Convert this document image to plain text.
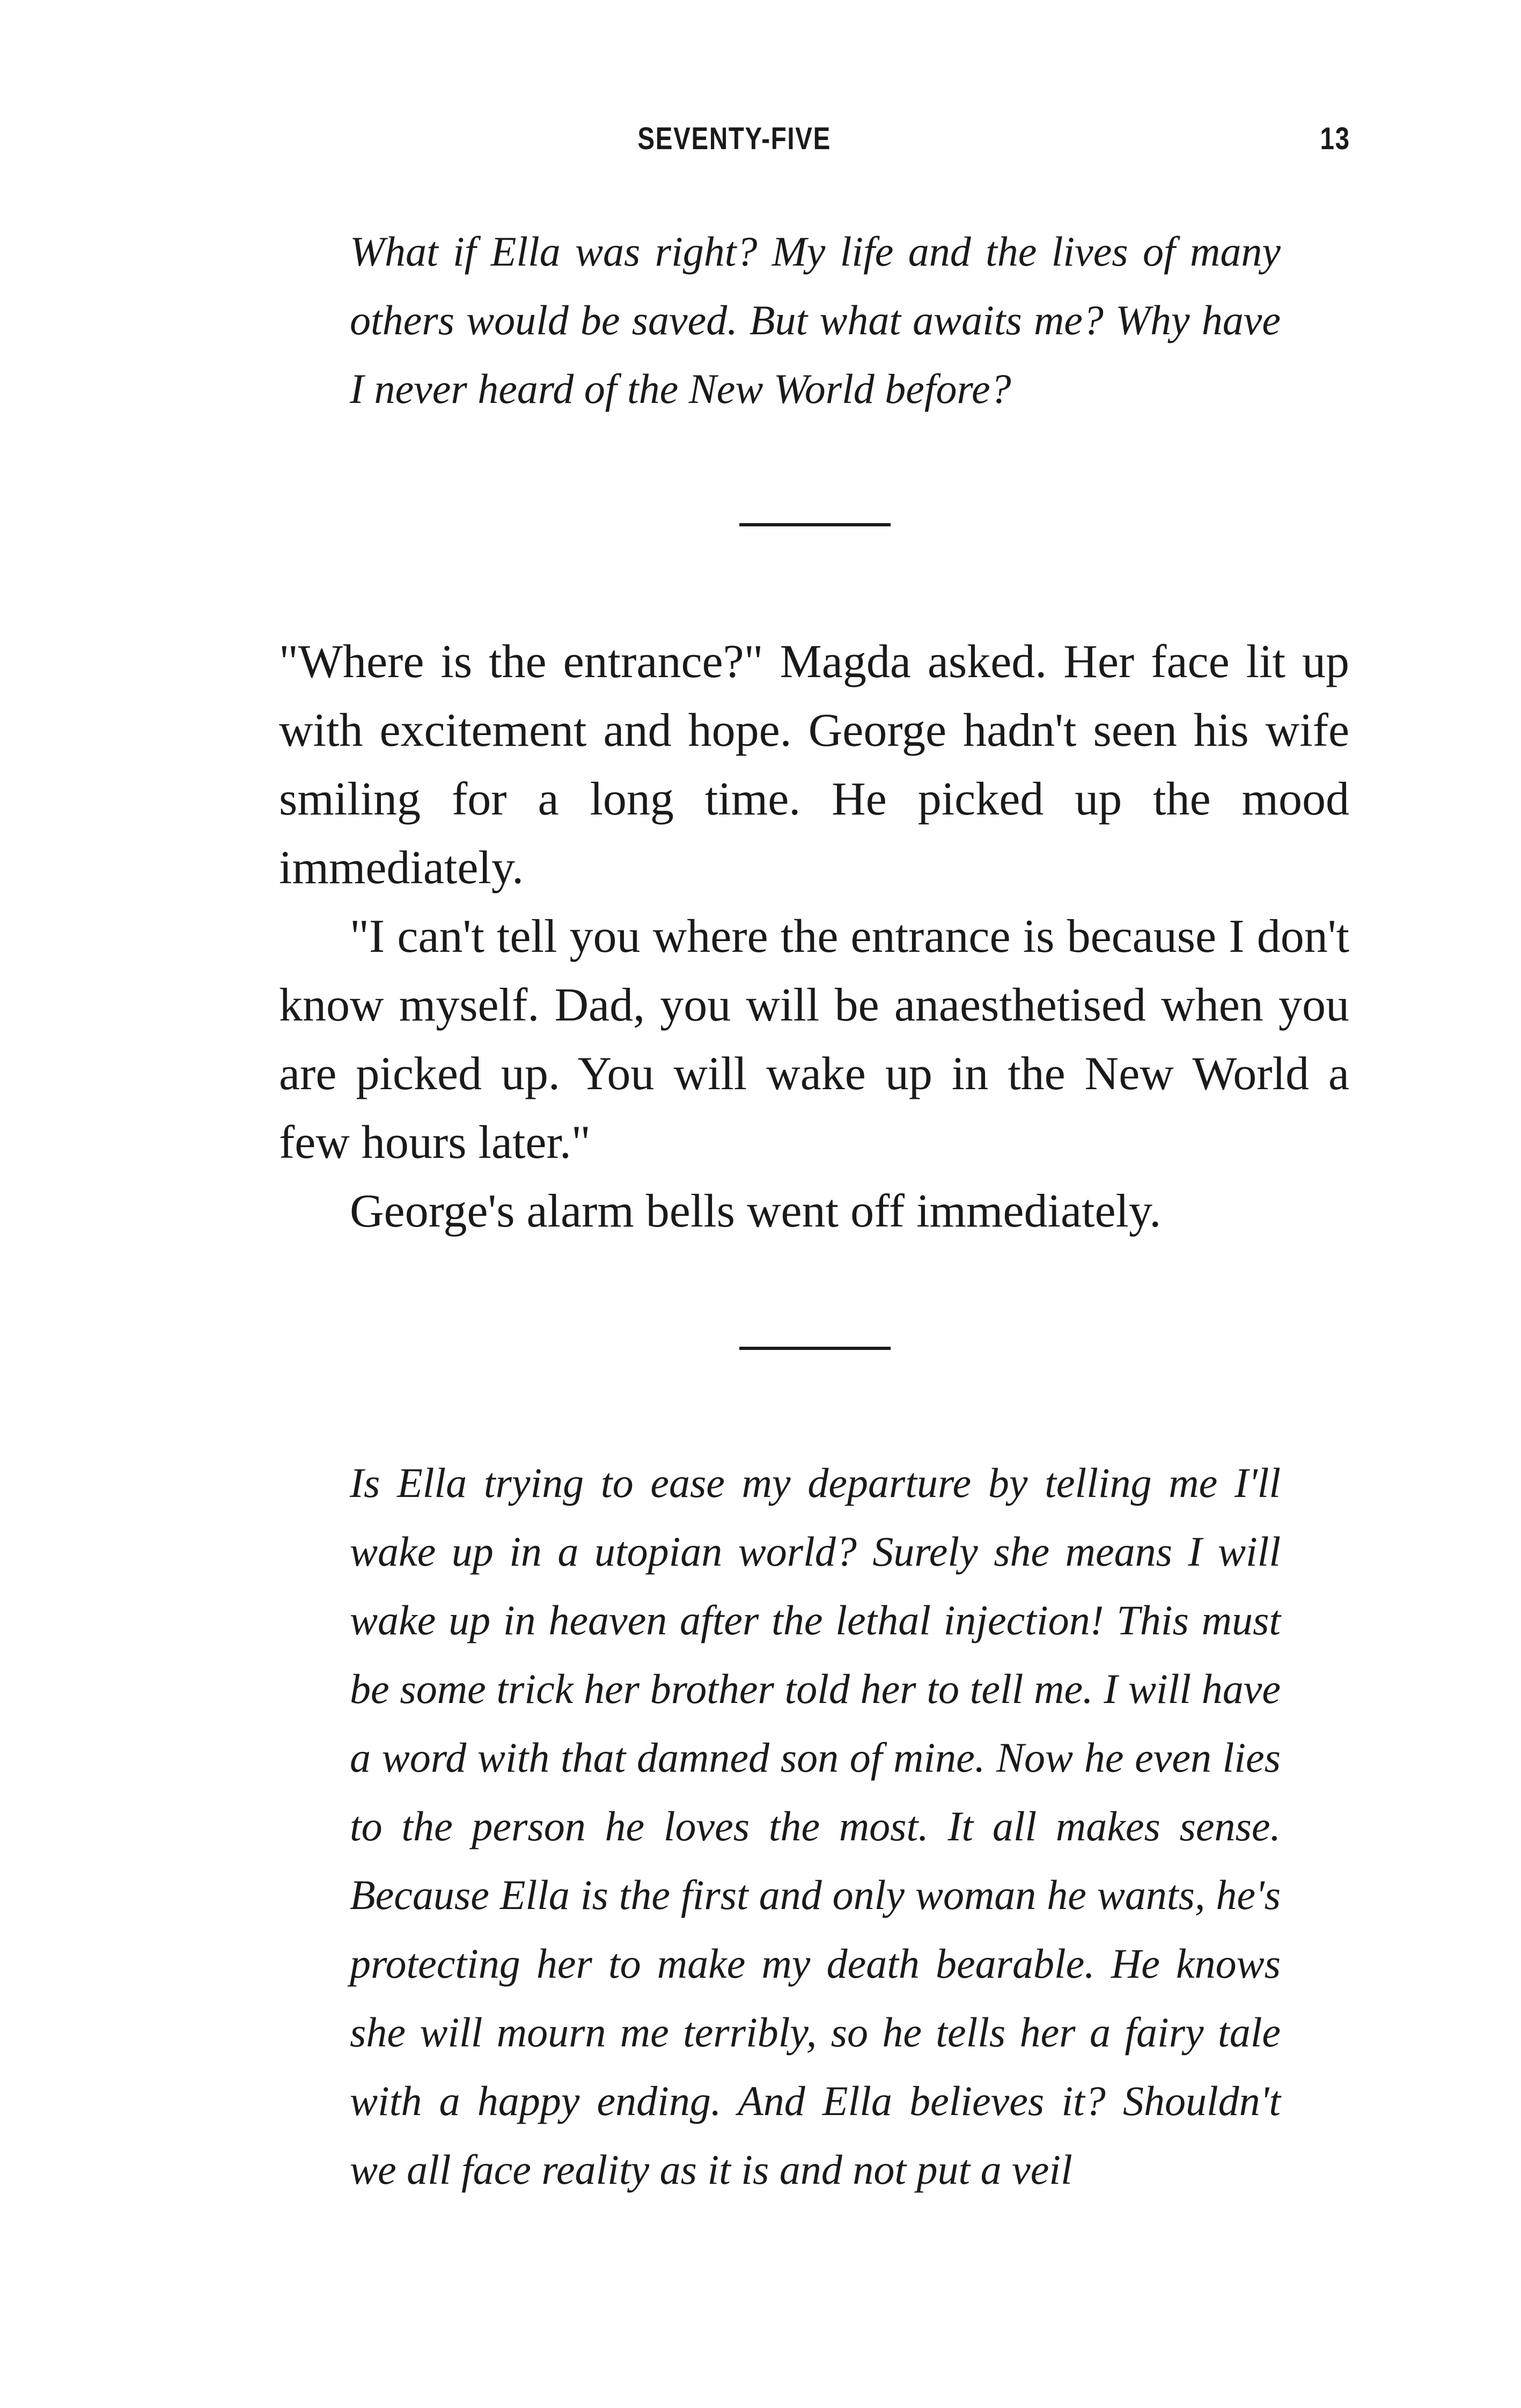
SEVENTY-FIVE	13

What if Ella was right? My life and the lives of many others would be saved. But what awaits me? Why have I never heard of the New World before?

"Where is the entrance?" Magda asked. Her face lit up with excitement and hope. George hadn't seen his wife smiling for a long time. He picked up the mood immediately.

"I can't tell you where the entrance is because I don't know myself. Dad, you will be anaesthetised when you are picked up. You will wake up in the New World a few hours later."

George's alarm bells went off immediately.

Is Ella trying to ease my departure by telling me I'll wake up in a utopian world? Surely she means I will wake up in heaven after the lethal injection! This must be some trick her brother told her to tell me. I will have a word with that damned son of mine. Now he even lies to the person he loves the most. It all makes sense. Because Ella is the first and only woman he wants, he's protecting her to make my death bearable. He knows she will mourn me terribly, so he tells her a fairy tale with a happy ending. And Ella believes it? Shouldn't we all face reality as it is and not put a veil
